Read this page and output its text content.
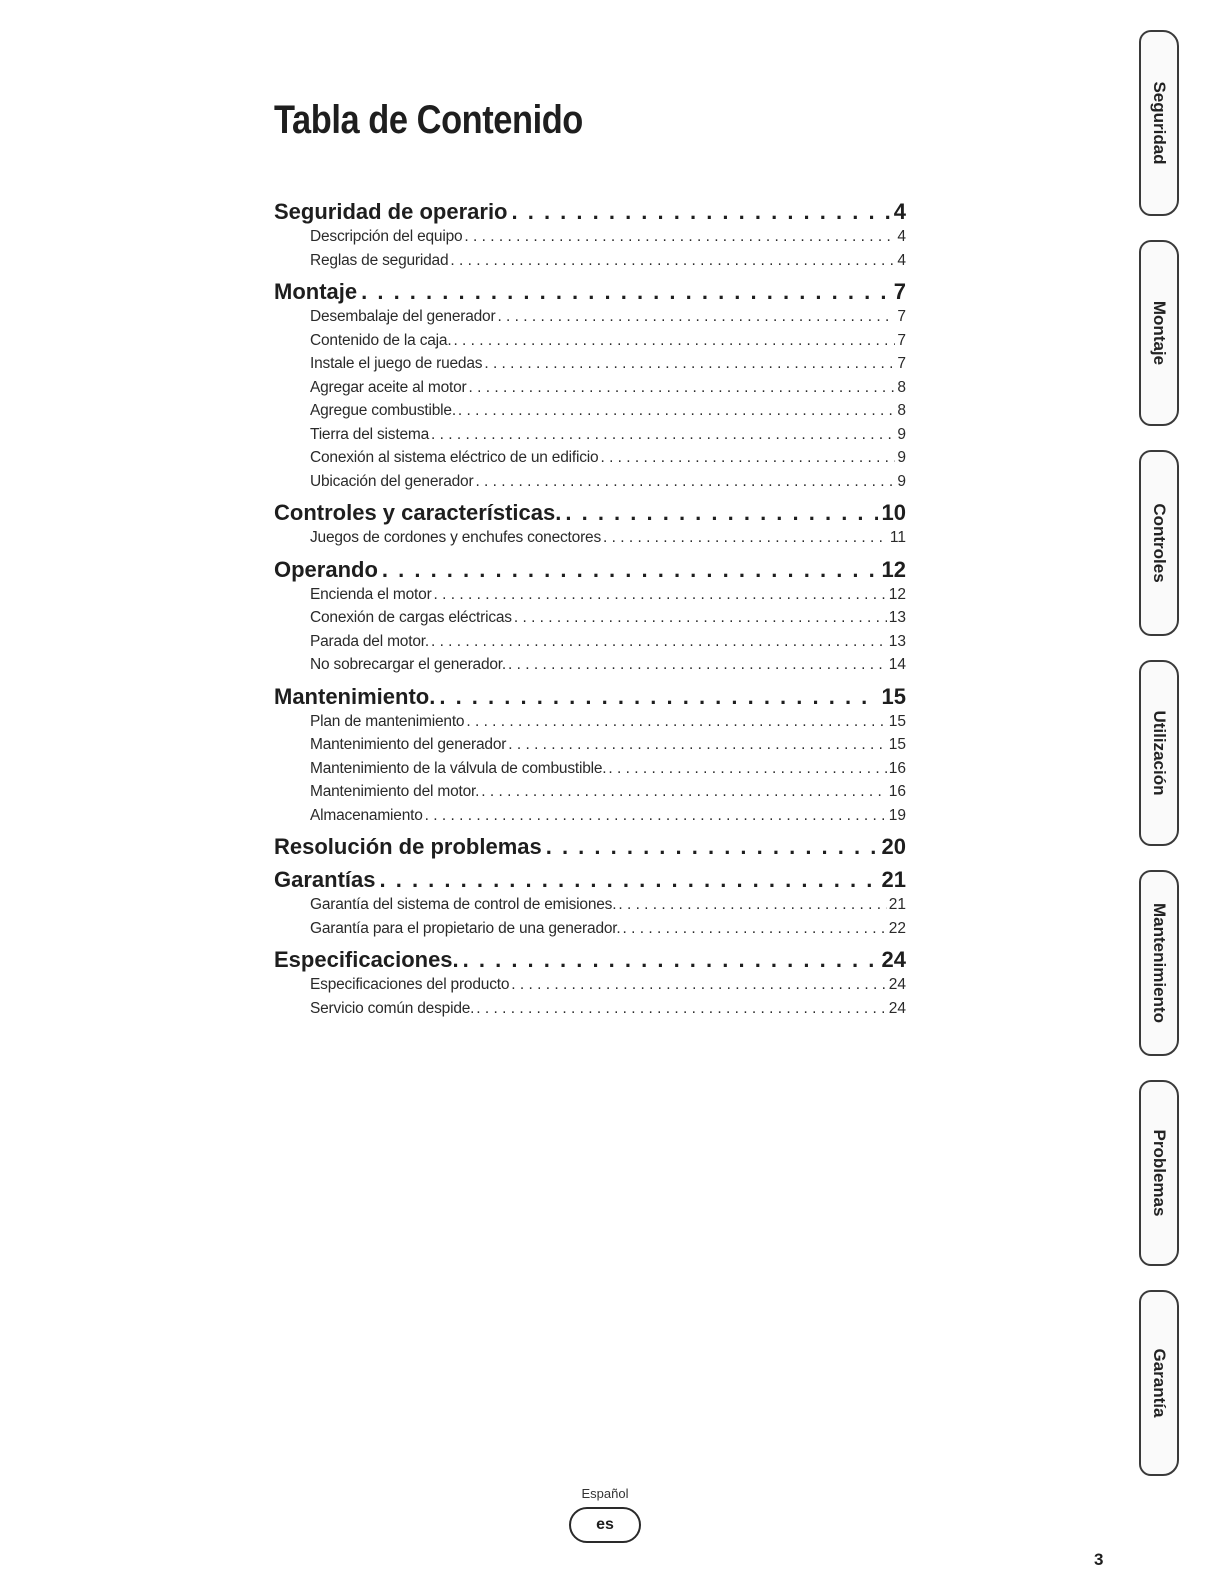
Tabla de Contenido
Seguridad de operario . . .	4
Descripción del equipo . . .	4
Reglas de seguridad . . .	4
Montaje . . .	7
Desembalaje del generador . . .	7
Contenido de la caja. . . .	7
Instale el juego de ruedas . . .	7
Agregar aceite al motor . . .	8
Agregue combustible. . . .	8
Tierra del sistema . . .	9
Conexión al sistema eléctrico de un edificio . . .	9
Ubicación del generador . . .	9
Controles y características. . . .	10
Juegos de cordones y enchufes conectores . . .	11
Operando . . .	12
Encienda el motor . . .	12
Conexión de cargas eléctricas . . .	13
Parada del motor. . . .	13
No sobrecargar el generador. . . .	14
Mantenimiento. . . .	15
Plan de mantenimiento . . .	15
Mantenimiento del generador . . .	15
Mantenimiento de la válvula de combustible. . . .	16
Mantenimiento del motor. . . .	16
Almacenamiento . . .	19
Resolución de problemas . . .	20
Garantías . . .	21
Garantía del sistema de control de emisiones. . . .	21
Garantía para el propietario de una generador. . . .	22
Especificaciones. . . .	24
Especificaciones del producto . . .	24
Servicio común despide. . . .	24
Seguridad
Montaje
Controles
Utilización
Mantenimiento
Problemas
Garantía
Español
es
3
